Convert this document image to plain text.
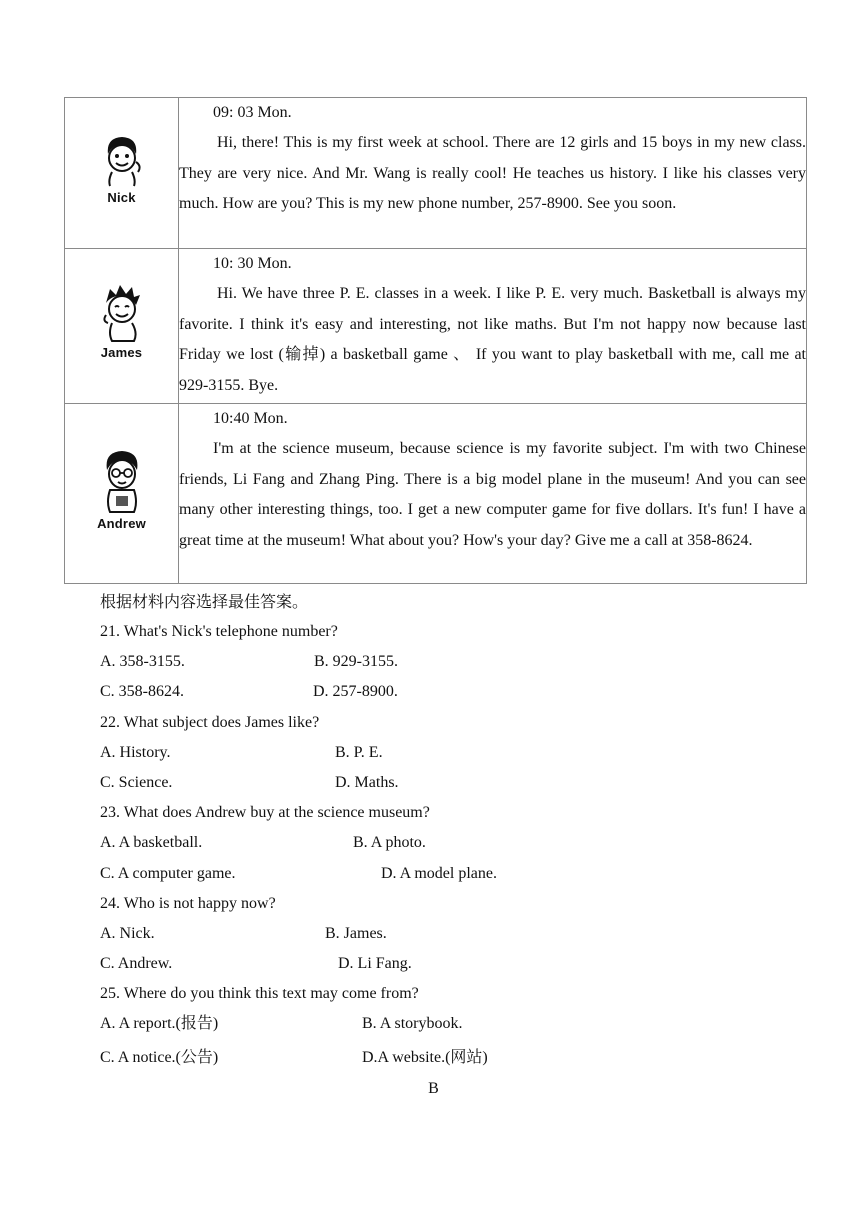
Nick	09: 03 Mon.
Hi, there! This is my first week at school. There are 12 girls and 15 boys in my new class. They are very nice. And Mr. Wang is really cool! He teaches us history. I like his classes very much. How are you? This is my new phone number, 257-8900. See you soon.

James	10: 30 Mon.
Hi. We have three P. E. classes in a week. I like P. E. very much. Basketball is always my favorite. I think it's easy and interesting, not like maths. But I'm not happy now because last Friday we lost (输掉) a basketball game 、 If you want to play basketball with me, call me at 929-3155. Bye.

Andrew	10:40 Mon.
I'm at the science museum, because science is my favorite subject. I'm with two Chinese friends, Li Fang and Zhang Ping. There is a big model plane in the museum! And you can see many other interesting things, too. I get a new computer game for five dollars. It's fun! I have a great time at the museum! What about you? How's your day? Give me a call at 358-8624.
根据材料内容选择最佳答案。
21. What's Nick's telephone number?
A. 358-3155.	B. 929-3155.
C. 358-8624.	D. 257-8900.
22. What subject does James like?
A. History.	B. P. E.
C. Science.	D. Maths.
23. What does Andrew buy at the science museum?
A. A basketball.	B. A photo.
C. A computer game.	D. A model plane.
24. Who is not happy now?
A. Nick.	B. James.
C. Andrew.	D. Li Fang.
25. Where do you think this text may come from?
A. A report.(报告)	B. A storybook.
C. A notice.(公告)	D.A website.(网站)
B
